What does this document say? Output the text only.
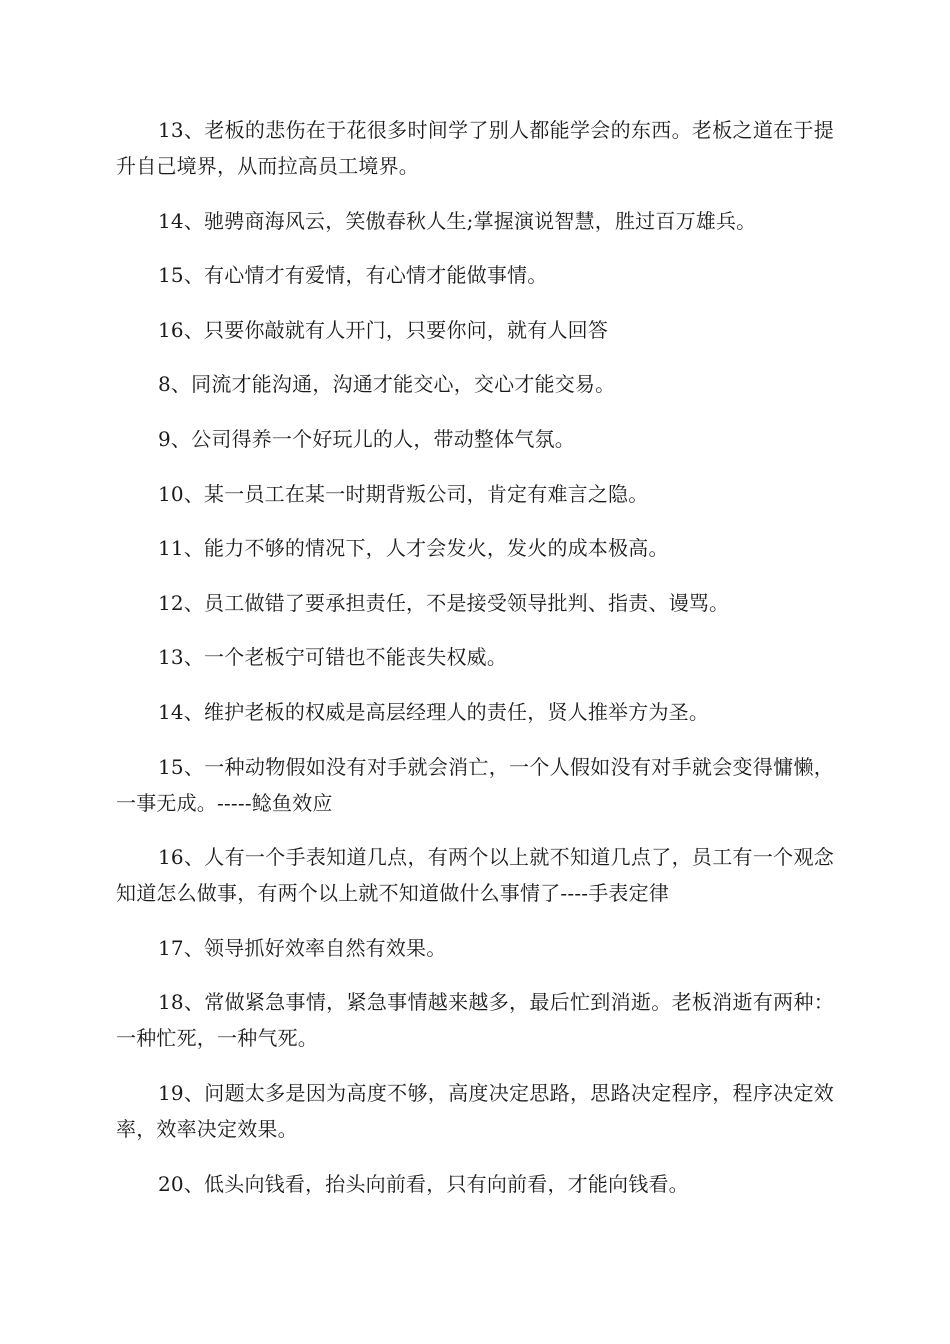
13、老板的悲伤在于花很多时间学了别人都能学会的东西。老板之道在于提升自己境界，从而拉高员工境界。

14、驰骋商海风云，笑傲春秋人生;掌握演说智慧，胜过百万雄兵。

15、有心情才有爱情，有心情才能做事情。

16、只要你敲就有人开门，只要你问，就有人回答

8、同流才能沟通，沟通才能交心，交心才能交易。

9、公司得养一个好玩儿的人，带动整体气氛。

10、某一员工在某一时期背叛公司，肯定有难言之隐。

11、能力不够的情况下，人才会发火，发火的成本极高。

12、员工做错了要承担责任，不是接受领导批判、指责、谩骂。

13、一个老板宁可错也不能丧失权威。

14、维护老板的权威是高层经理人的责任，贤人推举方为圣。

15、一种动物假如没有对手就会消亡，一个人假如没有对手就会变得慵懒，一事无成。-----鲶鱼效应

16、人有一个手表知道几点，有两个以上就不知道几点了，员工有一个观念知道怎么做事，有两个以上就不知道做什么事情了----手表定律

17、领导抓好效率自然有效果。

18、常做紧急事情，紧急事情越来越多，最后忙到消逝。老板消逝有两种：一种忙死，一种气死。

19、问题太多是因为高度不够，高度决定思路，思路决定程序，程序决定效率，效率决定效果。

20、低头向钱看，抬头向前看，只有向前看，才能向钱看。
